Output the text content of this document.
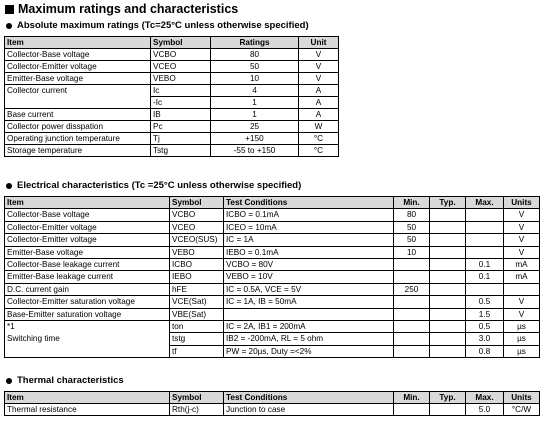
Maximum ratings and characteristics
Absolute maximum ratings (Tc=25°C unless otherwise specified)
Item	Symbol	Ratings	Unit
Collector-Base voltage	VCBO	80	V
Collector-Emitter voltage	VCEO	50	V
Emitter-Base voltage	VEBO	10	V
Collector current	Ic	4	A
	-Ic	1	A
Base current	IB	1	A
Collector power disspation	Pc	25	W
Operating junction temperature	Tj	+150	°C
Storage temperature	Tstg	-55 to +150	°C
Electrical characteristics (Tc =25°C unless otherwise specified)
Item	Symbol	Test Conditions	Min.	Typ.	Max.	Units
Collector-Base voltage	VCBO	ICBO = 0.1mA	80			V
Collector-Emitter voltage	VCEO	ICEO = 10mA	50			V
Collector-Emitter voltage	VCEO(SUS)	IC = 1A	50			V
Emitter-Base voltage	VEBO	IEBO = 0.1mA	10			V
Collector-Base leakage current	ICBO	VCBO = 80V			0.1	mA
Emitter-Base leakage current	IEBO	VEBO = 10V			0.1	mA
D.C. current gain	hFE	IC = 0.5A, VCE = 5V	250			
Collector-Emitter saturation voltage	VCE(Sat)	IC = 1A, IB = 50mA			0.5	V
Base-Emitter saturation voltage	VBE(Sat)				1.5	V
*1	ton	IC = 2A, IB1 = 200mA			0.5	µs
Switching time	tstg	IB2 = -200mA, RL = 5 ohm			3.0	µs
	tf	PW = 20µs, Duty =<2%			0.8	µs
Thermal characteristics
Item	Symbol	Test Conditions	Min.	Typ.	Max.	Units
Thermal resistance	Rth(j-c)	Junction to case			5.0	°C/W
